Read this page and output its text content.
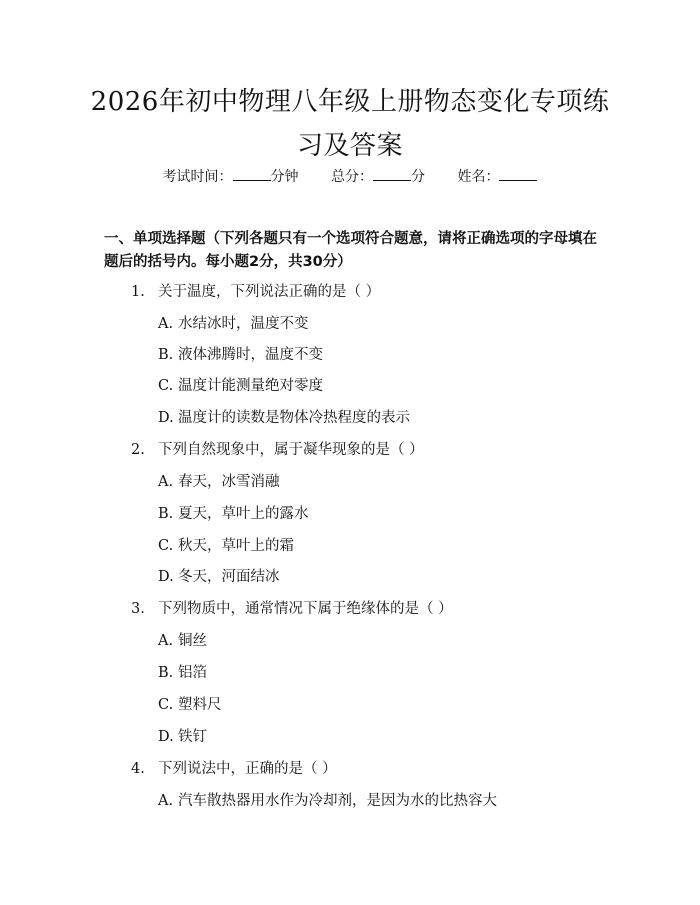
2026年初中物理八年级上册物态变化专项练习及答案
考试时间：	分钟 总分：	分 姓名：
一、单项选择题（下列各题只有一个选项符合题意，请将正确选项的字母填在题后的括号内。每小题2分，共30分）
1. 关于温度，下列说法正确的是（ ）
A. 水结冰时，温度不变
B. 液体沸腾时，温度不变
C. 温度计能测量绝对零度
D. 温度计的读数是物体冷热程度的表示
2. 下列自然现象中，属于凝华现象的是（ ）
A. 春天，冰雪消融
B. 夏天，草叶上的露水
C. 秋天，草叶上的霜
D. 冬天，河面结冰
3. 下列物质中，通常情况下属于绝缘体的是（ ）
A. 铜丝
B. 铝箔
C. 塑料尺
D. 铁钉
4. 下列说法中，正确的是（ ）
A. 汽车散热器用水作为冷却剂，是因为水的比热容大
